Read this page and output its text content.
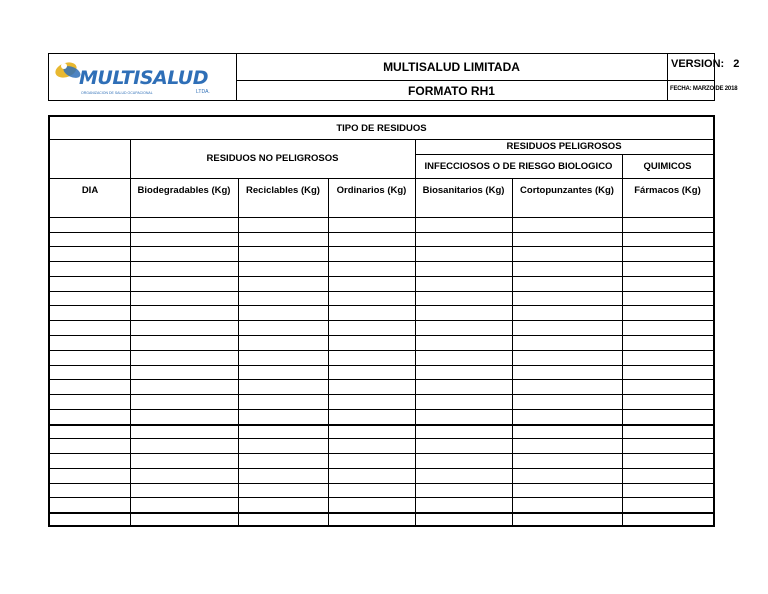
MULTISALUD
ORGANIZACION DE SALUD OCUPACIONAL	LTDA.
MULTISALUD LIMITADA
FORMATO RH1
VERSION: 2
FECHA: MARZO DE 2018
TIPO DE RESIDUOS
RESIDUOS NO PELIGROSOS
RESIDUOS PELIGROSOS
INFECCIOSOS O DE RIESGO BIOLOGICO	QUIMICOS
DIA	Biodegradables (Kg)	Reciclables (Kg)	Ordinarios (Kg)	Biosanitarios (Kg)	Cortopunzantes (Kg)	Fármacos (Kg)
